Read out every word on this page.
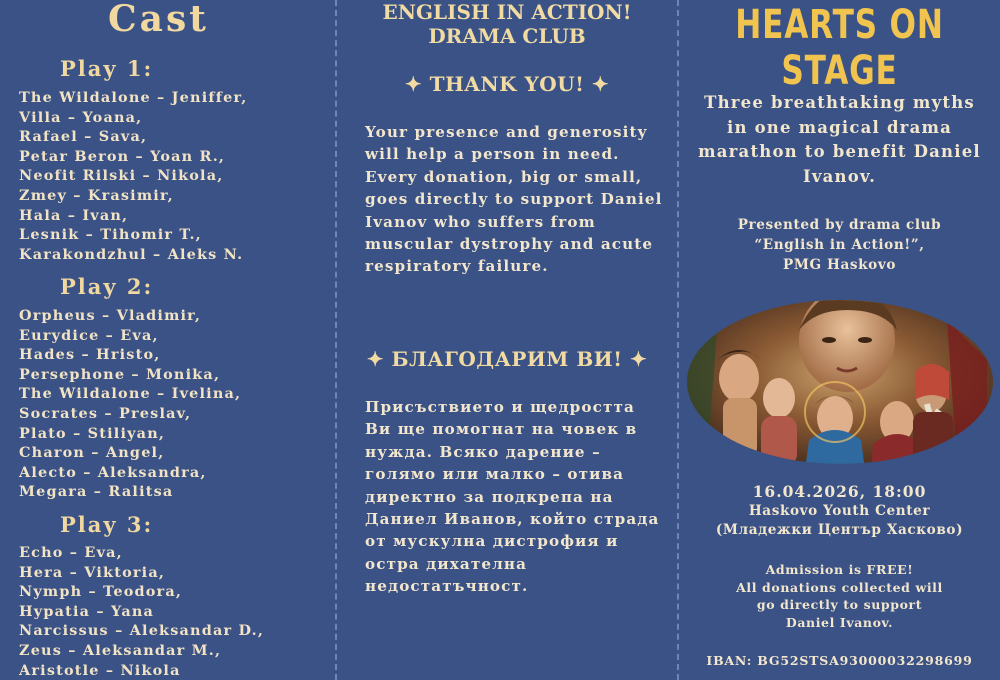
Cast
Play 1:
The Wildalone – Jeniffer,
Villa – Yoana,
Rafael – Sava,
Petar Beron – Yoan R.,
Neofit Rilski – Nikola,
Zmey – Krasimir,
Hala – Ivan,
Lesnik – Tihomir T.,
Karakondzhul – Aleks N.
Play 2:
Orpheus – Vladimir,
Eurydice – Eva,
Hades – Hristo,
Persephone – Monika,
The Wildalone – Ivelina,
Socrates – Preslav,
Plato – Stiliyan,
Charon – Angel,
Alecto – Aleksandra,
Megara – Ralitsa
Play 3:
Echo – Eva,
Hera – Viktoria,
Nymph – Teodora,
Hypatia – Yana
Narcissus – Aleksandar D.,
Zeus – Aleksandar M.,
Aristotle – Nikola
ENGLISH IN ACTION!
DRAMA CLUB
✦ THANK YOU! ✦

Your presence and generosity will help a person in need. Every donation, big or small, goes directly to support Daniel Ivanov who suffers from muscular dystrophy and acute respiratory failure.

✦ БЛАГОДАРИМ ВИ! ✦

Присъствието и щедростта Ви ще помогнат на човек в нужда. Всяко дарение – голямо или малко – отива директно за подкрепа на Даниел Иванов, който страда от мускулна дистрофия и остра дихателна недостатъчност.

HEARTS ON STAGE

Three breathtaking myths in one magical drama marathon to benefit Daniel Ivanov.

Presented by drama club
“English in Action!”,
PMG Haskovo
16.04.2026, 18:00
Haskovo Youth Center
(Младежки Център Хасково)
Admission is FREE!
All donations collected will
go directly to support
Daniel Ivanov.
IBAN: BG52STSA93000032298699
